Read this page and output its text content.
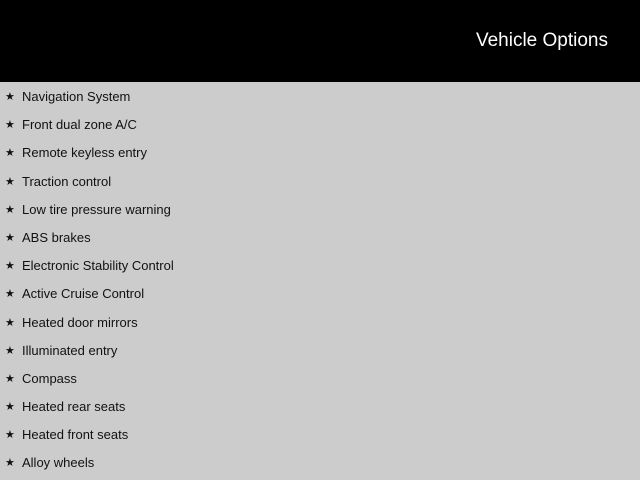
Vehicle Options
★ Navigation System
★ Front dual zone A/C
★ Remote keyless entry
★ Traction control
★ Low tire pressure warning
★ ABS brakes
★ Electronic Stability Control
★ Active Cruise Control
★ Heated door mirrors
★ Illuminated entry
★ Compass
★ Heated rear seats
★ Heated front seats
★ Alloy wheels
